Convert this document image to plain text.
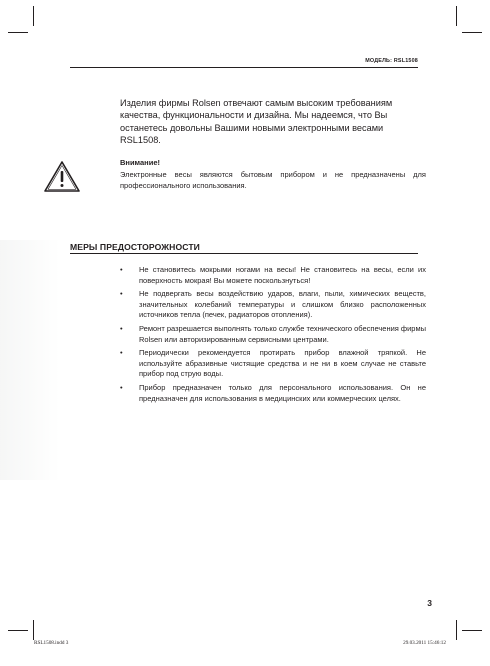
МОДЕЛЬ: RSL1508

Изделия фирмы Rolsen отвечают самым высоким требованиям качества, функциональности и дизайна. Мы надеемся, что Вы останетесь довольны Вашими новыми электронными весами RSL1508.

Внимание!

Электронные весы являются бытовым прибором и не предназначены для профессионального использования.

МЕРЫ ПРЕДОСТОРОЖНОСТИ
• Не становитесь мокрыми ногами на весы! Не становитесь на весы, если их поверхность мокрая! Вы можете поскользнуться!
• Не подвергать весы воздействию ударов, влаги, пыли, химических веществ, значительных колебаний температуры и слишком близко расположенных источников тепла (печек, радиаторов отопления).
• Ремонт разрешается выполнять только службе технического обеспечения фирмы Rolsen или авторизированным сервисными центрами.
• Периодически рекомендуется протирать прибор влажной тряпкой. Не используйте абразивные чистящие средства и не ни в коем случае не ставьте прибор под струю воды.
• Прибор предназначен только для персонального использования. Он не предназначен для использования в медицинских или коммерческих целях.
3
RSL1508.indd 3	29.03.2011 15:46:12
